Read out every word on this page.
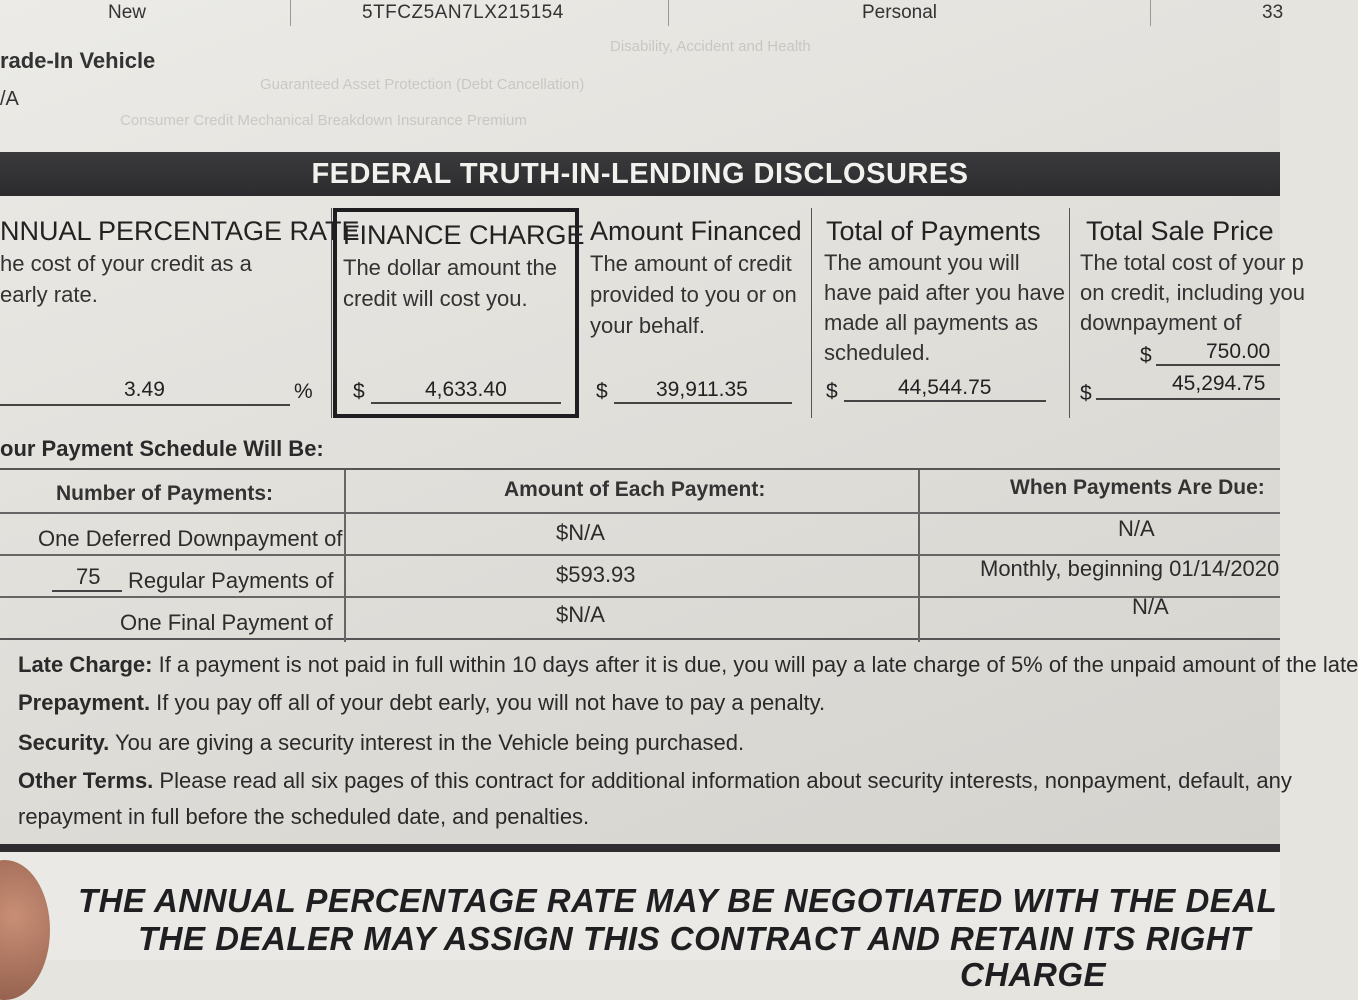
New	5TFCZ5AN7LX215154	Personal	33
rade-In Vehicle
/A
Disability, Accident and Health
Guaranteed Asset Protection (Debt Cancellation)
Consumer Credit Mechanical Breakdown Insurance Premium
FEDERAL TRUTH-IN-LENDING DISCLOSURES
NNUAL PERCENTAGE RATE
he cost of your credit as a
early rate.
3.49	%
FINANCE CHARGE
The dollar amount the
credit will cost you.
$	4,633.40
Amount Financed
The amount of credit
provided to you or on
your behalf.
$ 39,911.35
Total of Payments
The amount you will
have paid after you have
made all payments as
scheduled.
$	44,544.75
Total Sale Price
The total cost of your p
on credit, including you
downpayment of
$	750.00
$	45,294.75
our Payment Schedule Will Be:
Number of Payments:	Amount of Each Payment:	When Payments Are Due:
One Deferred Downpayment of	$N/A	N/A
75 Regular Payments of	$593.93	Monthly, beginning 01/14/2020
One Final Payment of	$N/A	N/A
Late Charge: If a payment is not paid in full within 10 days after it is due, you will pay a late charge of 5% of the unpaid amount of the late
Prepayment. If you pay off all of your debt early, you will not have to pay a penalty.
Security. You are giving a security interest in the Vehicle being purchased.
Other Terms. Please read all six pages of this contract for additional information about security interests, nonpayment, default, any
repayment in full before the scheduled date, and penalties.
THE ANNUAL PERCENTAGE RATE MAY BE NEGOTIATED WITH THE DEAL
THE DEALER MAY ASSIGN THIS CONTRACT AND RETAIN ITS RIGHT
CHARGE
